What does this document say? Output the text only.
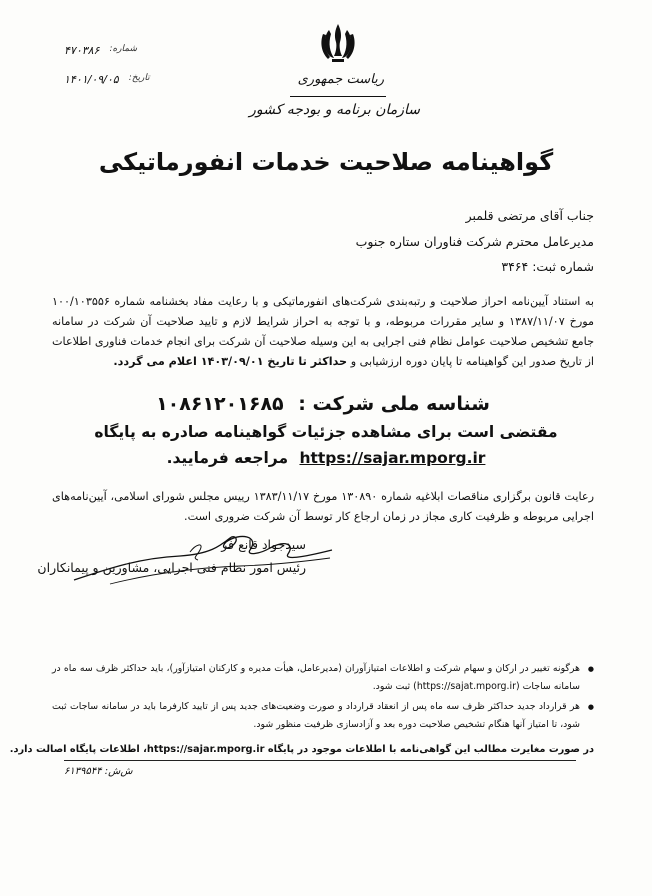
شماره:
۴۷۰۳۸۶
تاریخ:
۱۴۰۱/۰۹/۰۵	ریاست جمهوری
سازمان برنامه و بودجه کشور
گواهینامه صلاحیت خدمات انفورماتیکی
جناب آقای مرتضی قلمبر
مدیرعامل محترم شرکت فناوران ستاره جنوب
شماره ثبت: ۳۴۶۴
به استناد آیین‌نامه احراز صلاحیت و رتبه‌بندی شرکت‌های انفورماتیکی و با رعایت مفاد بخشنامه شماره ۱۰۰/۱۰۳۵۵۶ مورخ ۱۳۸۷/۱۱/۰۷ و سایر مقررات مربوطه، و با توجه به احراز شرایط لازم و تایید صلاحیت آن شرکت در سامانه جامع تشخیص صلاحیت عوامل نظام فنی اجرایی به این وسیله صلاحیت آن شرکت برای انجام خدمات فناوری اطلاعات از تاریخ صدور این گواهینامه تا پایان دوره ارزشیابی و حداکثر تا تاریخ ۱۴۰۳/۰۹/۰۱ اعلام می گردد.
شناسه ملی شرکت : ۱۰۸۶۱۲۰۱۶۸۵
مقتضی است برای مشاهده جزئیات گواهینامه صادره به پایگاه
https://sajar.mporg.ir مراجعه فرمایید.
رعایت قانون برگزاری مناقصات ابلاغیه شماره ۱۳۰۸۹۰ مورخ ۱۳۸۳/۱۱/۱۷ رییس مجلس شورای اسلامی، آیین‌نامه‌های اجرایی مربوطه و ظرفیت کاری مجاز در زمان ارجاع کار توسط آن شرکت ضروری است.
سیدجواد قانع فر
رئیس امور نظام فنی اجرایی، مشاورین و پیمانکاران
● هرگونه تغییر در ارکان و سهام شرکت و اطلاعات امتیازآوران (مدیرعامل، هیأت مدیره و کارکنان امتیازآور)، باید حداکثر ظرف سه ماه در سامانه ساجات (https://sajat.mporg.ir) ثبت شود.
● هر قرارداد جدید حداکثر ظرف سه ماه پس از انعقاد قرارداد و صورت وضعیت‌های جدید پس از تایید کارفرما باید در سامانه ساجات ثبت شود، تا امتیاز آنها هنگام تشخیص صلاحیت دوره بعد و آزادسازی ظرفیت منظور شود.
در صورت مغایرت مطالب این گواهی‌نامه با اطلاعات موجود در پایگاه https://sajar.mporg.ir، اطلاعات پایگاه اصالت دارد.
ش‌ش: ۶۱۳۹۵۴۴
